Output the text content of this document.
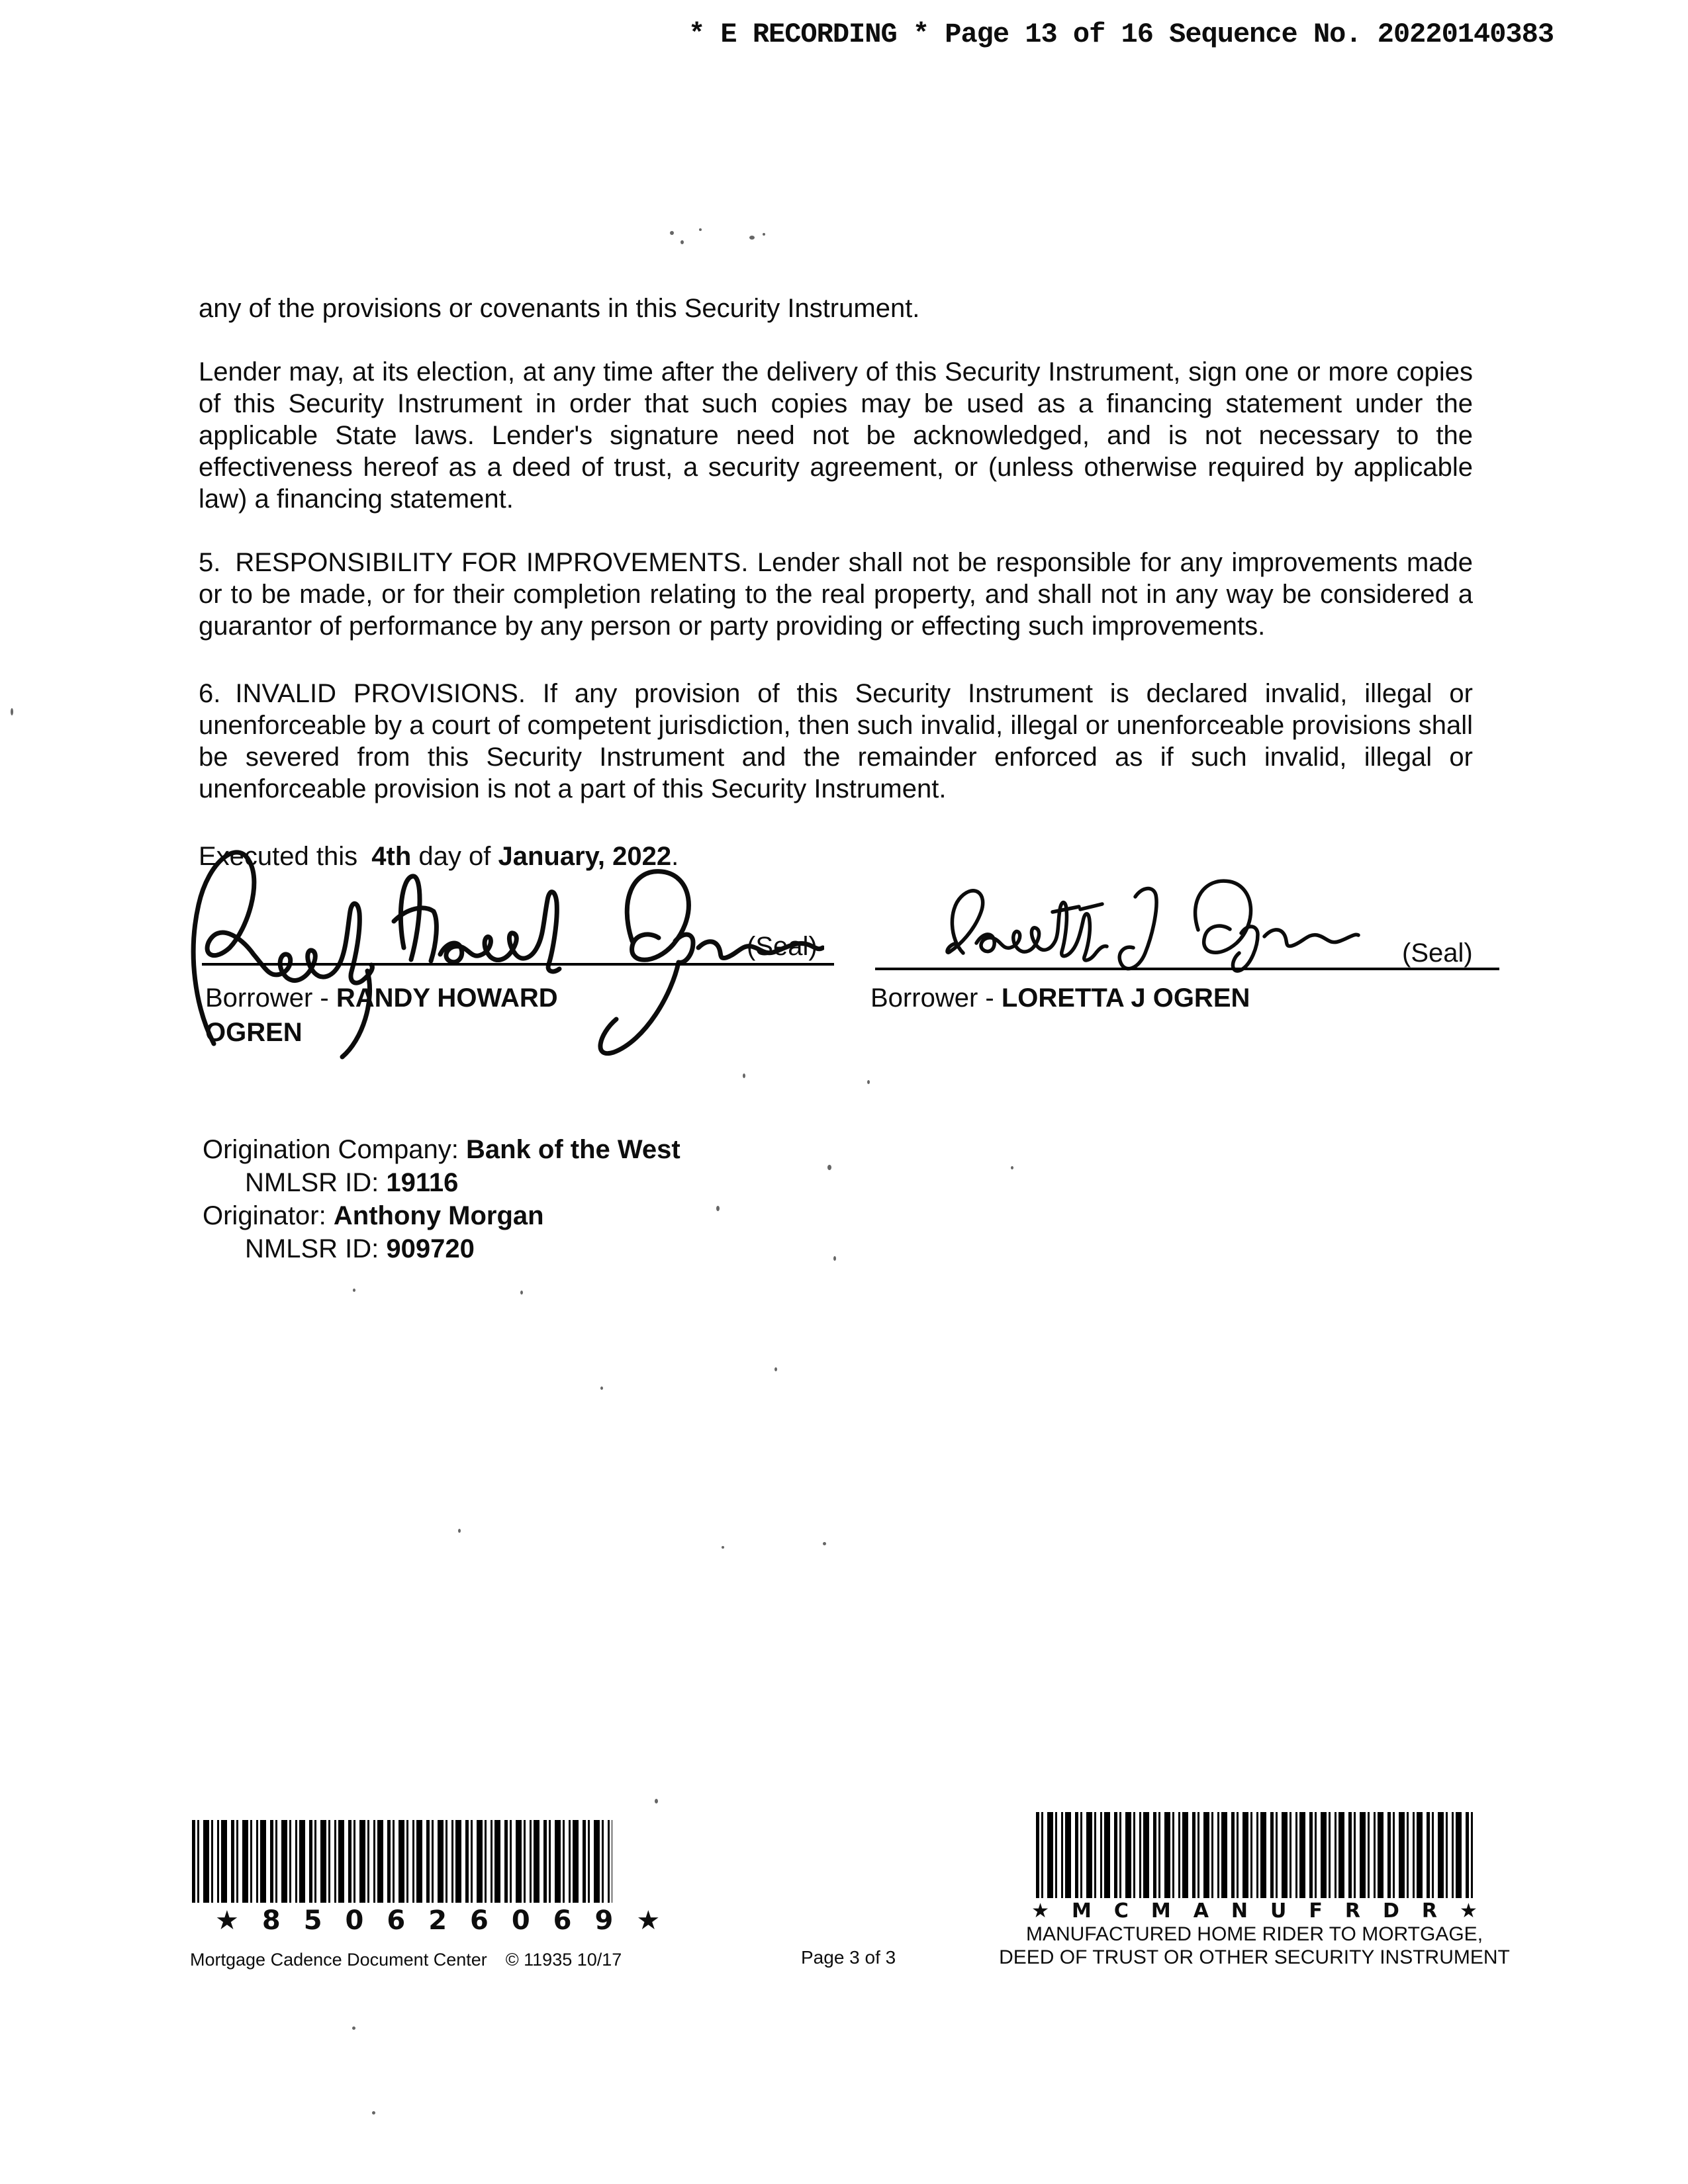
* E RECORDING * Page 13 of 16 Sequence No. 20220140383

any of the provisions or covenants in this Security Instrument.

Lender may, at its election, at any time after the delivery of this Security Instrument, sign one or more copies of this Security Instrument in order that such copies may be used as a financing statement under the applicable State laws. Lender's signature need not be acknowledged, and is not necessary to the effectiveness hereof as a deed of trust, a security agreement, or (unless otherwise required by applicable law) a financing statement.

5. RESPONSIBILITY FOR IMPROVEMENTS. Lender shall not be responsible for any improvements made or to be made, or for their completion relating to the real property, and shall not in any way be considered a guarantor of performance by any person or party providing or effecting such improvements.

6. INVALID PROVISIONS. If any provision of this Security Instrument is declared invalid, illegal or unenforceable by a court of competent jurisdiction, then such invalid, illegal or unenforceable provisions shall be severed from this Security Instrument and the remainder enforced as if such invalid, illegal or unenforceable provision is not a part of this Security Instrument.

Executed this 4th day of January, 2022.

(Seal)
Borrower - RANDY HOWARD OGREN
(Seal)
Borrower - LORETTA J OGREN
Origination Company: Bank of the West
NMLSR ID: 19116
Originator: Anthony Morgan
NMLSR ID: 909720
★850626069★	★MCMANUFRDR★
MANUFACTURED HOME RIDER TO MORTGAGE,
DEED OF TRUST OR OTHER SECURITY INSTRUMENT
Mortgage Cadence Document Center © 11935 10/17	Page 3 of 3
